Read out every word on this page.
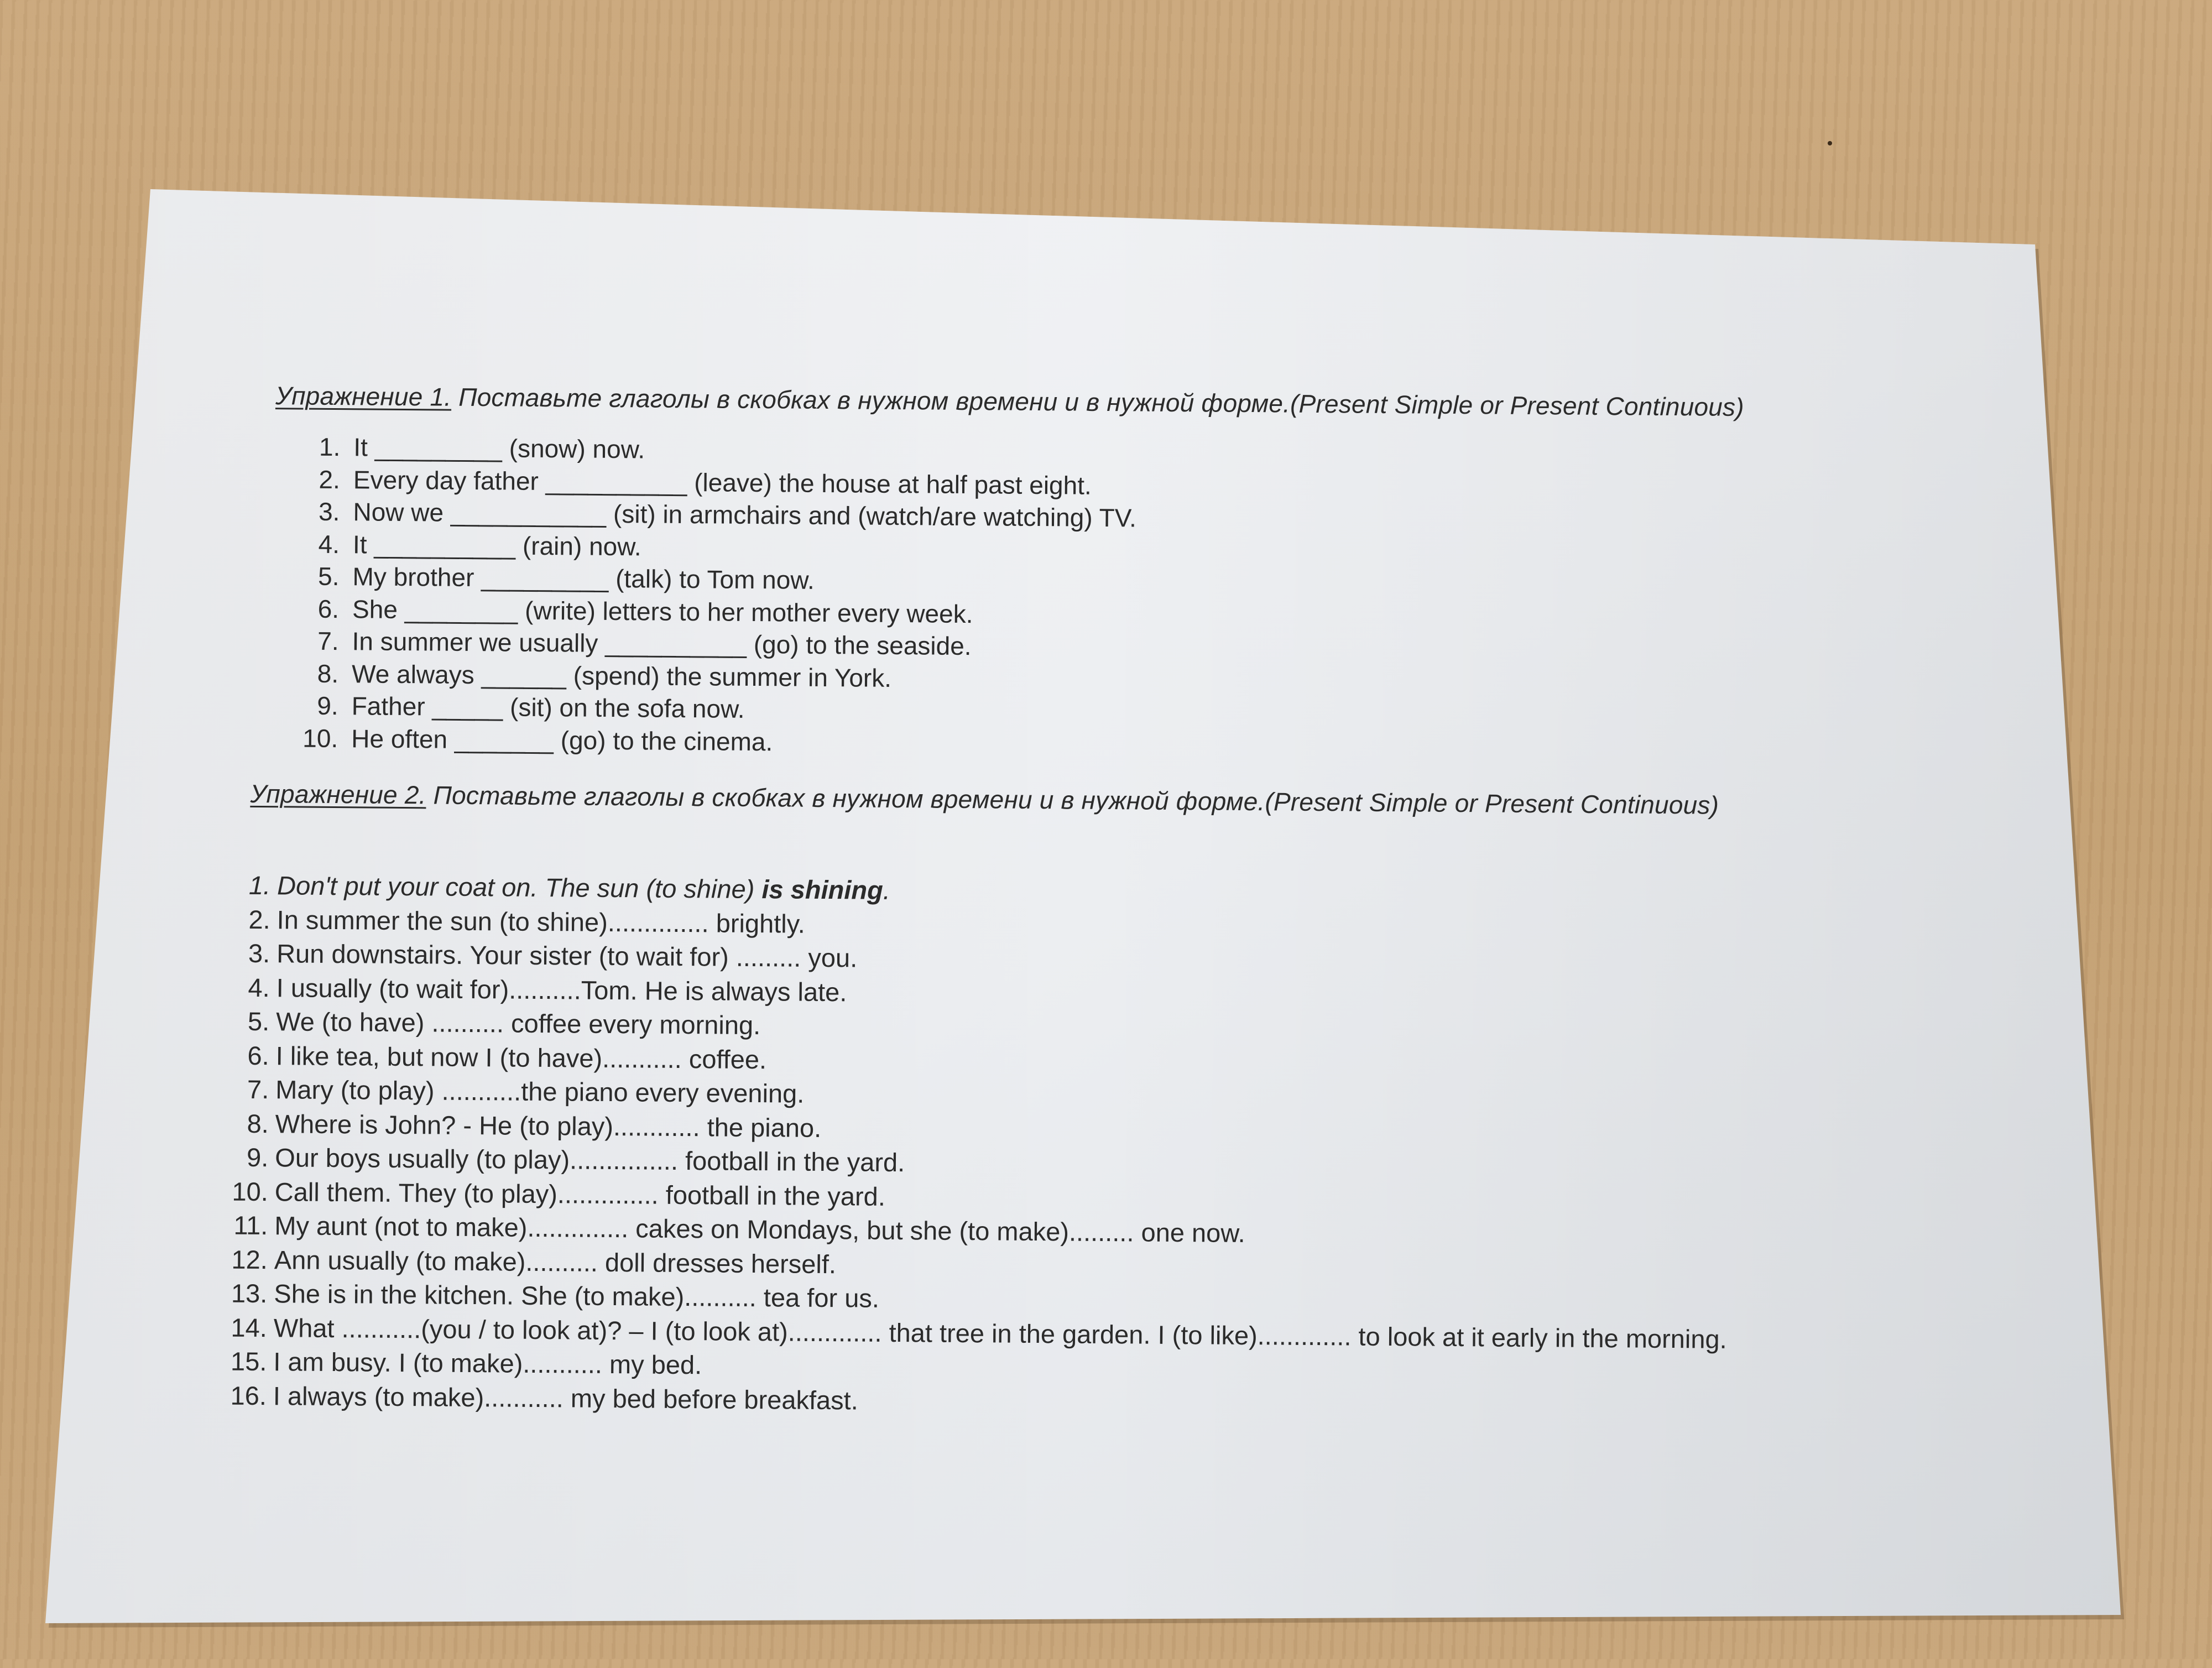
Упражнение 1. Поставьте глаголы в скобках в нужном времени и в нужной форме.(Present Simple or Present Continuous)
1. It _________ (snow) now.
2. Every day father __________ (leave) the house at half past eight.
3. Now we ___________ (sit) in armchairs and (watch/are watching) TV.
4. It __________ (rain) now.
5. My brother _________ (talk) to Tom now.
6. She ________ (write) letters to her mother every week.
7. In summer we usually __________ (go) to the seaside.
8. We always ______ (spend) the summer in York.
9. Father _____ (sit) on the sofa now.
10. He often _______ (go) to the cinema.
Упражнение 2. Поставьте глаголы в скобках в нужном времени и в нужной форме.(Present Simple or Present Continuous)
1. Don't put your coat on. The sun (to shine) is shining.
2. In summer the sun (to shine).............. brightly.
3. Run downstairs. Your sister (to wait for) ......... you.
4. I usually (to wait for)..........Tom. He is always late.
5. We (to have) .......... coffee every morning.
6. I like tea, but now I (to have)........... coffee.
7. Mary (to play) ...........the piano every evening.
8. Where is John? - He (to play)............ the piano.
9. Our boys usually (to play)............... football in the yard.
10. Call them. They (to play).............. football in the yard.
11. My aunt (not to make).............. cakes on Mondays, but she (to make)......... one now.
12. Ann usually (to make).......... doll dresses herself.
13. She is in the kitchen. She (to make).......... tea for us.
14. What ...........(you / to look at)? – I (to look at)............. that tree in the garden. I (to like)............. to look at it early in the morning.
15. I am busy. I (to make)........... my bed.
16. I always (to make)........... my bed before breakfast.
